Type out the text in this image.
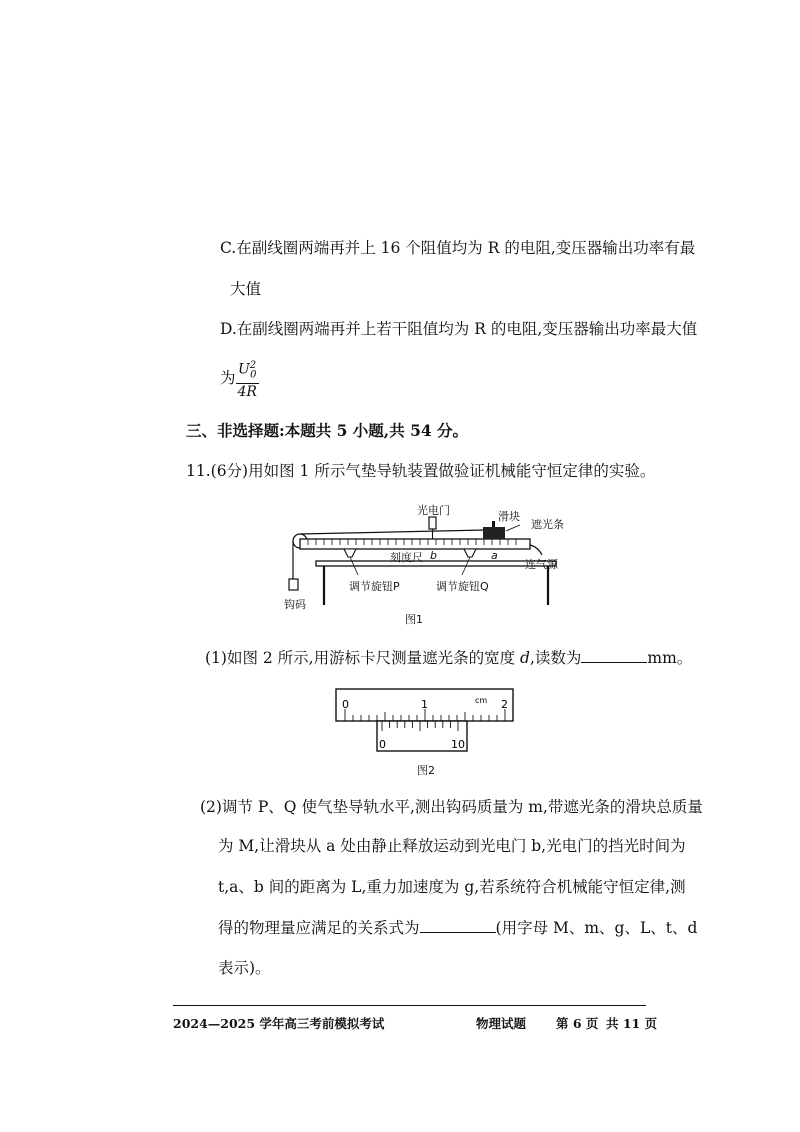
C.在副线圈两端再并上 16 个阻值均为 R 的电阻,变压器输出功率有最
大值
D.在副线圈两端再并上若干阻值均为 R 的电阻,变压器输出功率最大值
为 $\frac{U^2_0}{4R}$
三、非选择题:本题共 5 小题,共 54 分。
11.(6分)用如图 1 所示气垫导轨装置做验证机械能守恒定律的实验。
光电门	滑块
遮光条
刻度尺 b	a
连气源
调节旋钮P	调节旋钮Q
钩码
图1
(1)如图 2 所示,用游标卡尺测量遮光条的宽度 d,读数为	mm。
0	1	2
cm
0	10
图2
(2)调节 P、Q 使气垫导轨水平,测出钩码质量为 m,带遮光条的滑块总质量
为 M,让滑块从 a 处由静止释放运动到光电门 b,光电门的挡光时间为
t,a、b 间的距离为 L,重力加速度为 g,若系统符合机械能守恒定律,测
得的物理量应满足的关系式为	(用字母 M、m、g、L、t、d
表示)。
2024—2025 学年高三考前模拟考试	物理试题 第 6 页 共 11 页
